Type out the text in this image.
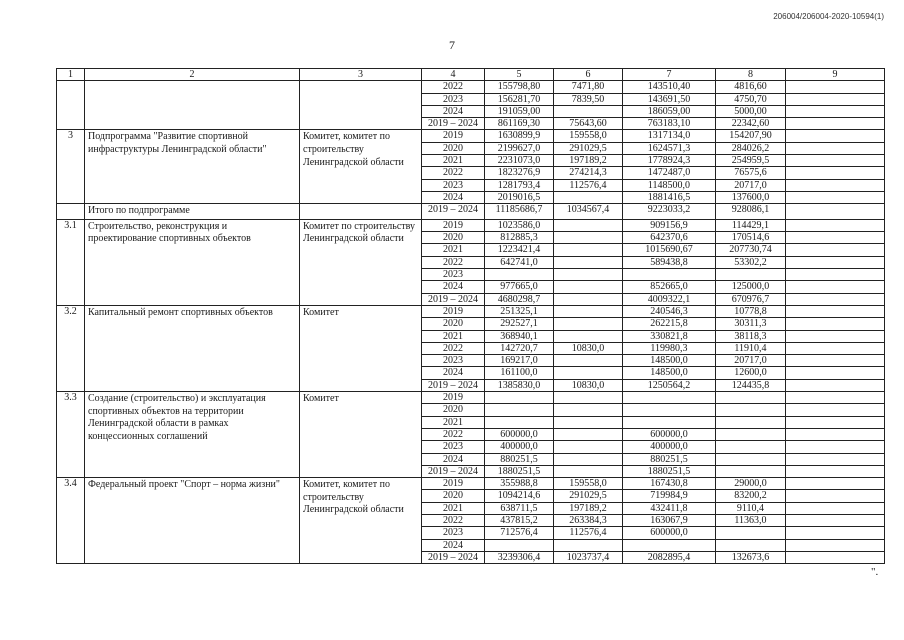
206004/206004-2020-10594(1)
7
1	2	3	4	5	6	7	8	9
			2022	155798,80	7471,80	143510,40	4816,60	
			2023	156281,70	7839,50	143691,50	4750,70	
			2024	191059,00		186059,00	5000,00	
			2019 – 2024	861169,30	75643,60	763183,10	22342,60	
3	Подпрограмма "Развитие спортивной инфраструктуры Ленинградской области"	Комитет, комитет по строительству Ленинградской области	2019	1630899,9	159558,0	1317134,0	154207,90	
			2020	2199627,0	291029,5	1624571,3	284026,2	
			2021	2231073,0	197189,2	1778924,3	254959,5	
			2022	1823276,9	274214,3	1472487,0	76575,6	
			2023	1281793,4	112576,4	1148500,0	20717,0	
			2024	2019016,5		1881416,5	137600,0	
	Итого по подпрограмме		2019 – 2024	11185686,7	1034567,4	9223033,2	928086,1	
3.1	Строительство, реконструкция и проектирование спортивных объектов	Комитет по строительству Ленинградской области	2019	1023586,0		909156,9	114429,1	
			2020	812885,3		642370,6	170514,6	
			2021	1223421,4		1015690,67	207730,74	
			2022	642741,0		589438,8	53302,2	
			2023					
			2024	977665,0		852665,0	125000,0	
			2019 – 2024	4680298,7		4009322,1	670976,7	
3.2	Капитальный ремонт спортивных объектов	Комитет	2019	251325,1		240546,3	10778,8	
			2020	292527,1		262215,8	30311,3	
			2021	368940,1		330821,8	38118,3	
			2022	142720,7	10830,0	119980,3	11910,4	
			2023	169217,0		148500,0	20717,0	
			2024	161100,0		148500,0	12600,0	
			2019 – 2024	1385830,0	10830,0	1250564,2	124435,8	
3.3	Создание (строительство) и эксплуатация спортивных объектов на территории Ленинградской области в рамках концессионных соглашений	Комитет	2019					
			2020					
			2021					
			2022	600000,0		600000,0		
			2023	400000,0		400000,0		
			2024	880251,5		880251,5		
			2019 – 2024	1880251,5		1880251,5		
3.4	Федеральный проект "Спорт – норма жизни"	Комитет, комитет по строительству Ленинградской области	2019	355988,8	159558,0	167430,8	29000,0	
			2020	1094214,6	291029,5	719984,9	83200,2	
			2021	638711,5	197189,2	432411,8	9110,4	
			2022	437815,2	263384,3	163067,9	11363,0	
			2023	712576,4	112576,4	600000,0		
			2024					
			2019 – 2024	3239306,4	1023737,4	2082895,4	132673,6	
".
